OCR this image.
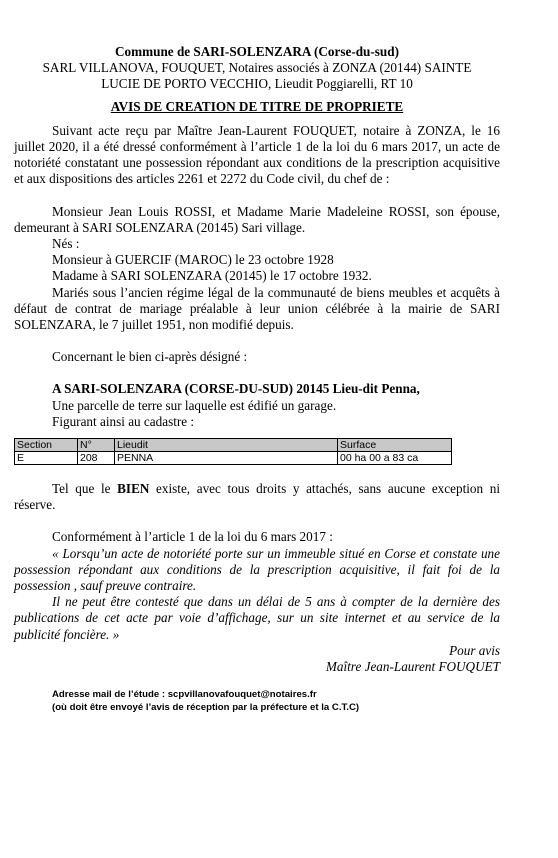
Commune de SARI-SOLENZARA (Corse-du-sud)

SARL VILLANOVA, FOUQUET, Notaires associés à ZONZA (20144) SAINTE

LUCIE DE PORTO VECCHIO, Lieudit Poggiarelli, RT 10

AVIS DE CREATION DE TITRE DE PROPRIETE

Suivant acte reçu par Maître Jean-Laurent FOUQUET, notaire à ZONZA, le 16 juillet 2020, il a été dressé conformément à l’article 1 de la loi du 6 mars 2017, un acte de notoriété constatant une possession répondant aux conditions de la prescription acquisitive et aux dispositions des articles 2261 et 2272 du Code civil, du chef de :

Monsieur Jean Louis ROSSI, et Madame Marie Madeleine ROSSI, son épouse, demeurant à SARI SOLENZARA (20145) Sari village.

Nés :

Monsieur à GUERCIF (MAROC) le 23 octobre 1928

Madame à SARI SOLENZARA (20145) le 17 octobre 1932.

Mariés sous l’ancien régime légal de la communauté de biens meubles et acquêts à défaut de contrat de mariage préalable à leur union célébrée à la mairie de SARI SOLENZARA, le 7 juillet 1951, non modifié depuis.

Concernant le bien ci-après désigné :

A SARI-SOLENZARA (CORSE-DU-SUD) 20145 Lieu-dit Penna,

Une parcelle de terre sur laquelle est édifié un garage.

Figurant ainsi au cadastre :

Section	N°	Lieudit	Surface
E	208	PENNA	00 ha 00 a 83 ca

Tel que le BIEN existe, avec tous droits y attachés, sans aucune exception ni réserve.

Conformément à l’article 1 de la loi du 6 mars 2017 :

« Lorsqu’un acte de notoriété porte sur un immeuble situé en Corse et constate une possession répondant aux conditions de la prescription acquisitive, il fait foi de la possession , sauf preuve contraire.

Il ne peut être contesté que dans un délai de 5 ans à compter de la dernière des publications de cet acte par voie d’affichage, sur un site internet et au service de la publicité foncière. »

Pour avis

Maître Jean-Laurent FOUQUET

Adresse mail de l’étude : scpvillanovafouquet@notaires.fr

(où doit être envoyé l’avis de réception par la préfecture et la C.T.C)
